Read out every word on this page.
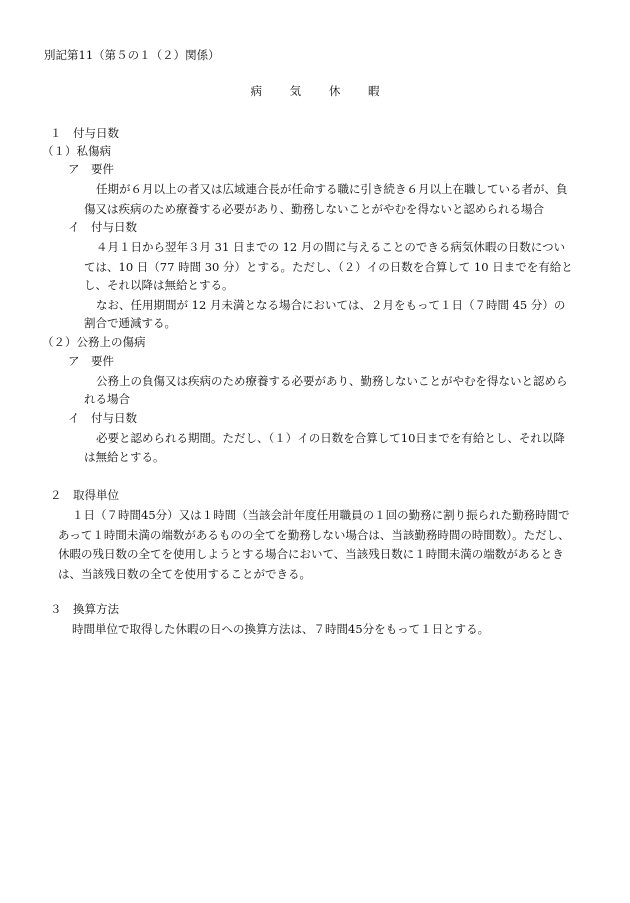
別記第11（第５の１（２）関係）
病 気 休 暇
１　付与日数
（１）私傷病
ア　要件
任期が６月以上の者又は広域連合長が任命する職に引き続き６月以上在職している者が、負
傷又は疾病のため療養する必要があり、勤務しないことがやむを得ないと認められる場合
イ　付与日数
４月１日から翌年３月 31 日までの 12 月の間に与えることのできる病気休暇の日数につい
ては、10 日（77 時間 30 分）とする。ただし、（２）イの日数を合算して 10 日までを有給と
し、それ以降は無給とする。
なお、任用期間が 12 月未満となる場合においては、２月をもって１日（７時間 45 分）の
割合で逓減する。
（２）公務上の傷病
ア　要件
公務上の負傷又は疾病のため療養する必要があり、勤務しないことがやむを得ないと認めら
れる場合
イ　付与日数
必要と認められる期間。ただし、（１）イの日数を合算して10日までを有給とし、それ以降
は無給とする。
２　取得単位
１日（７時間45分）又は１時間（当該会計年度任用職員の１回の勤務に割り振られた勤務時間で
あって１時間未満の端数があるものの全てを勤務しない場合は、当該勤務時間の時間数）。ただし、
休暇の残日数の全てを使用しようとする場合において、当該残日数に１時間未満の端数があるとき
は、当該残日数の全てを使用することができる。
３　換算方法
時間単位で取得した休暇の日への換算方法は、７時間45分をもって１日とする。
